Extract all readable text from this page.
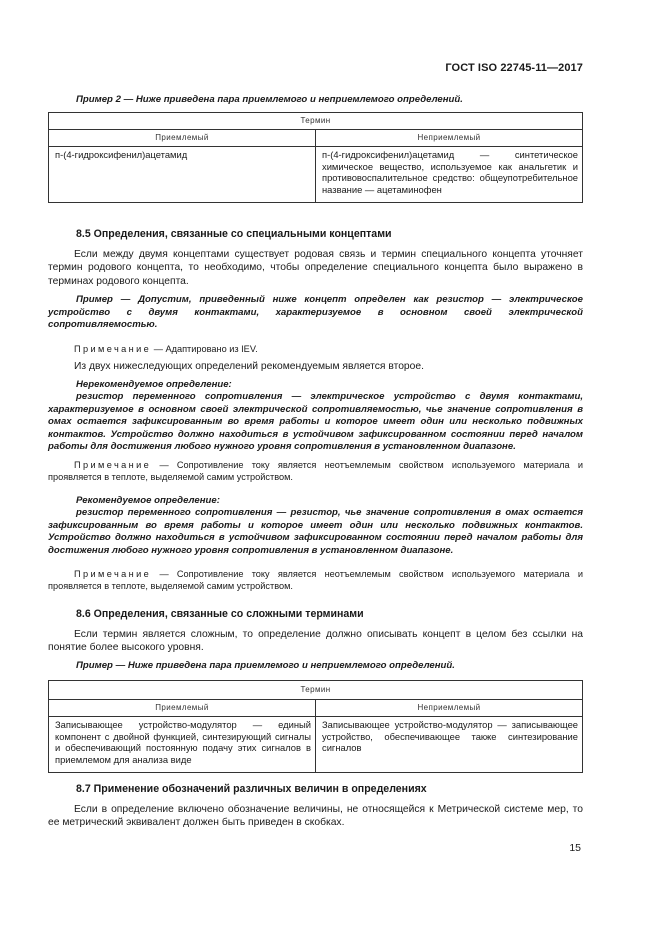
ГОСТ ISO 22745-11—2017
Пример 2 — Ниже приведена пара приемлемого и неприемлемого определений.
Термин	
Приемлемый	Неприемлемый
п-(4-гидроксифенил)ацетамид	п-(4-гидроксифенил)ацетамид — синтетическое химическое вещество, используемое как анальгетик и противовоспалительное средство: общеупотребительное название — ацетаминофен
8.5 Определения, связанные со специальными концептами
Если между двумя концептами существует родовая связь и термин специального концепта уточняет термин родового концепта, то необходимо, чтобы определение специального концепта было выражено в терминах родового концепта.
Пример — Допустим, приведенный ниже концепт определен как резистор — электрическое устройство с двумя контактами, характеризуемое в основном своей электрической сопротивляемостью.
Примечание — Адаптировано из IEV.
Из двух нижеследующих определений рекомендуемым является второе.
Нерекомендуемое определение:
резистор переменного сопротивления — электрическое устройство с двумя контактами, характеризуемое в основном своей электрической сопротивляемостью, чье значение сопротивления в омах остается зафиксированным во время работы и которое имеет один или несколько подвижных контактов. Устройство должно находиться в устойчивом зафиксированном состоянии перед началом работы для достижения любого нужного уровня сопротивления в установленном диапазоне.
Примечание — Сопротивление току является неотъемлемым свойством используемого материала и проявляется в теплоте, выделяемой самим устройством.
Рекомендуемое определение:
резистор переменного сопротивления — резистор, чье значение сопротивления в омах остается зафиксированным во время работы и которое имеет один или несколько подвижных контактов. Устройство должно находиться в устойчивом зафиксированном состоянии перед началом работы для достижения любого нужного уровня сопротивления в установленном диапазоне.
Примечание — Сопротивление току является неотъемлемым свойством используемого материала и проявляется в теплоте, выделяемой самим устройством.
8.6 Определения, связанные со сложными терминами
Если термин является сложным, то определение должно описывать концепт в целом без ссылки на понятие более высокого уровня.
Пример — Ниже приведена пара приемлемого и неприемлемого определений.
Термин	
Приемлемый	Неприемлемый
Записывающее устройство-модулятор — единый компонент с двойной функцией, синтезирующий сигналы и обеспечивающий постоянную подачу этих сигналов в приемлемом для анализа виде	Записывающее устройство-модулятор — записывающее устройство, обеспечивающее также синтезирование сигналов
8.7 Применение обозначений различных величин в определениях
Если в определение включено обозначение величины, не относящейся к Метрической системе мер, то ее метрический эквивалент должен быть приведен в скобках.
15
